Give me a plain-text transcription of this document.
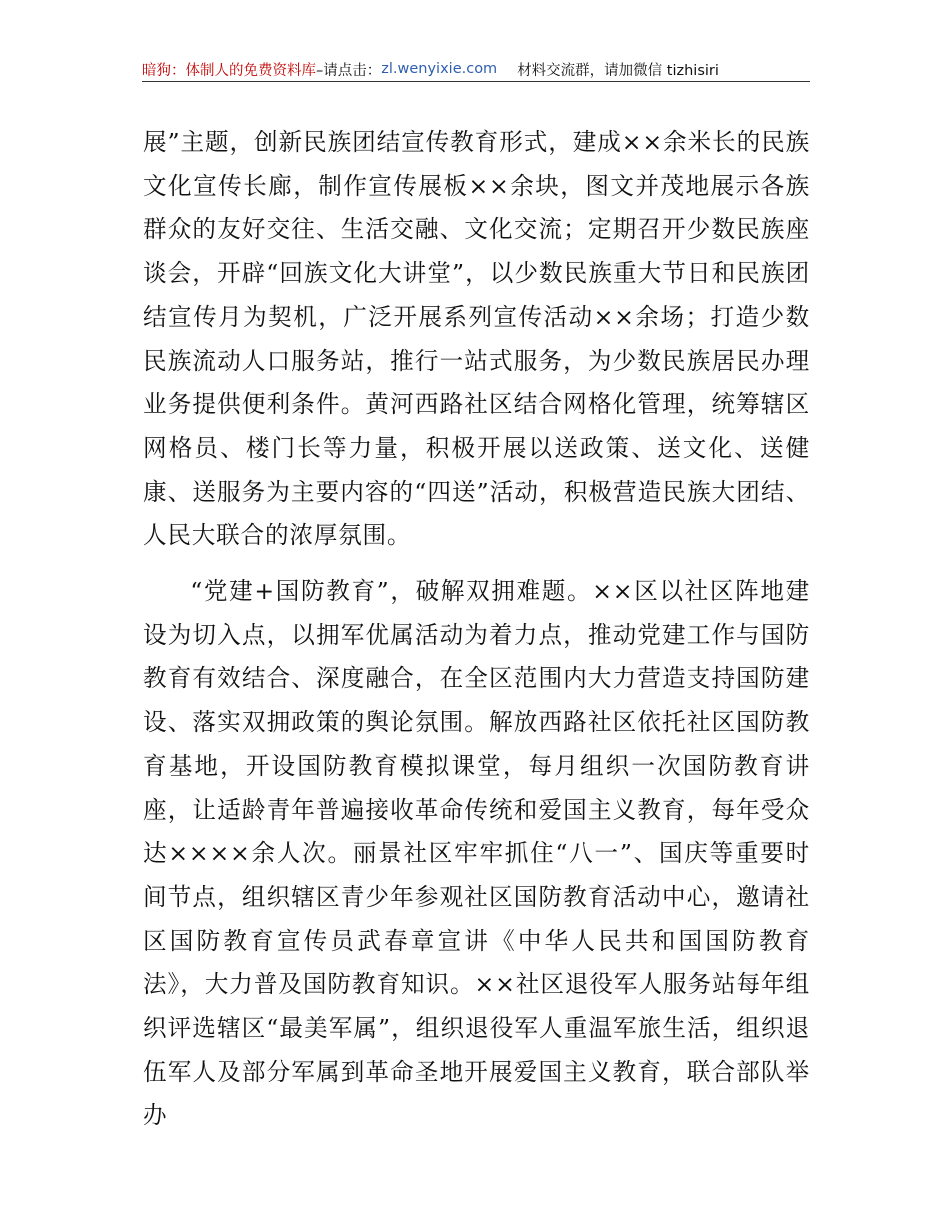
暗狗：体制人的免费资料库 –请点击： zl.wenyixie.com 材料交流群，请加微信 tizhisiri

展”主题，创新民族团结宣传教育形式，建成××余米长的民族文化宣传长廊，制作宣传展板××余块，图文并茂地展示各族群众的友好交往、生活交融、文化交流；定期召开少数民族座谈会，开辟“回族文化大讲堂”，以少数民族重大节日和民族团结宣传月为契机，广泛开展系列宣传活动××余场；打造少数民族流动人口服务站，推行一站式服务，为少数民族居民办理业务提供便利条件。黄河西路社区结合网格化管理，统筹辖区网格员、楼门长等力量，积极开展以送政策、送文化、送健康、送服务为主要内容的“四送”活动，积极营造民族大团结、人民大联合的浓厚氛围。

“党建+国防教育”，破解双拥难题。××区以社区阵地建设为切入点，以拥军优属活动为着力点，推动党建工作与国防教育有效结合、深度融合，在全区范围内大力营造支持国防建设、落实双拥政策的舆论氛围。解放西路社区依托社区国防教育基地，开设国防教育模拟课堂，每月组织一次国防教育讲座，让适龄青年普遍接收革命传统和爱国主义教育，每年受众达××××余人次。丽景社区牢牢抓住“八一”、国庆等重要时间节点，组织辖区青少年参观社区国防教育活动中心，邀请社区国防教育宣传员武春章宣讲《中华人民共和国国防教育法》，大力普及国防教育知识。××社区退役军人服务站每年组织评选辖区“最美军属”，组织退役军人重温军旅生活，组织退伍军人及部分军属到革命圣地开展爱国主义教育，联合部队举办
